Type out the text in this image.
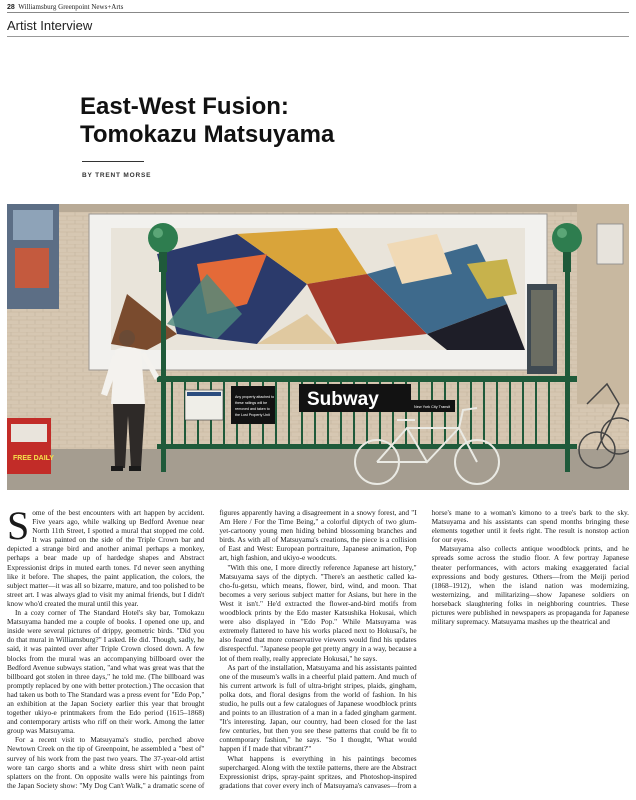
28 Williamsburg Greenpoint News+Arts
Artist Interview
East-West Fusion:
Tomokazu Matsuyama
BY TRENT MORSE
Any property attached to
these railings will be
removed and taken to
the Lost Property Unit
Subway	New York City Transit
FREE DAILY

Some of the best encounters with art happen by accident. Five years ago, while walking up Bedford Avenue near North 11th Street, I spotted a mural that stopped me cold. It was painted on the side of the Triple Crown bar and depicted a strange bird and another animal perhaps a monkey, perhaps a bear made up of hardedge shapes and Abstract Expressionist drips in muted earth tones. I'd never seen anything like it before. The shapes, the paint application, the colors, the subject matter—it was all so bizarre, mature, and too polished to be street art. I was always glad to visit my animal friends, but I didn't know who'd created the mural until this year.

In a cozy corner of The Standard Hotel's sky bar, Tomokazu Matsuyama handed me a couple of books. I opened one up, and inside were several pictures of drippy, geometric birds. "Did you do that mural in Williamsburg?" I asked. He did. Though, sadly, he said, it was painted over after Triple Crown closed down. A few blocks from the mural was an accompanying billboard over the Bedford Avenue subways station, "and what was great was that the billboard got stolen in three days," he told me. (The billboard was promptly replaced by one with better protection.) The occasion that had taken us both to The Standard was a press event for "Edo Pop," an exhibition at the Japan Society earlier this year that brought together ukiyo-e printmakers from the Edo period (1615–1868) and contemporary artists who riff on their work. Among the latter group was Matsuyama.

For a recent visit to Matsuyama's studio, perched above Newtown Creek on the tip of Greenpoint, he assembled a "best of" survey of his work from the past two years. The 37-year-old artist wore tan cargo shorts and a white dress shirt with neon paint splatters on the front. On opposite walls were his paintings from the Japan Society show: "My Dog Can't Walk," a dramatic scene of figures apparently having a disagreement in a snowy forest, and "I Am Here / For the Time Being," a colorful diptych of two glum-yet-cartoony young men hiding behind blossoming branches and birds. As with all of Matsuyama's creations, the piece is a collision of East and West: European portraiture, Japanese animation, Pop art, high fashion, and ukiyo-e woodcuts.

"With this one, I more directly reference Japanese art history," Matsuyama says of the diptych. "There's an aesthetic called ka-cho-fu-getsu, which means, flower, bird, wind, and moon. That becomes a very serious subject matter for Asians, but here in the West it isn't." He'd extracted the flower-and-bird motifs from woodblock prints by the Edo master Katsushika Hokusai, which were also displayed in "Edo Pop." While Matsuyama was extremely flattered to have his works placed next to Hokusai's, he also feared that more conservative viewers would find his updates disrespectful. "Japanese people get pretty angry in a way, because a lot of them really, really appreciate Hokusai," he says.

As part of the installation, Matsuyama and his assistants painted one of the museum's walls in a cheerful plaid pattern. And much of his current artwork is full of ultra-bright stripes, plaids, gingham, polka dots, and floral designs from the world of fashion. In his studio, he pulls out a few catalogues of Japanese woodblock prints and points to an illustration of a man in a faded gingham garment. "It's interesting. Japan, our country, had been closed for the last few centuries, but then you see these patterns that could be fit to contemporary fashion," he says. "So I thought, 'What would happen if I made that vibrant?'"

What happens is everything in his paintings becomes supercharged. Along with the textile patterns, there are the Abstract Expressionist drips, spray-paint spritzes, and Photoshop-inspired gradations that cover every inch of Matsuyama's canvases—from a horse's mane to a woman's kimono to a tree's bark to the sky. Matsuyama and his assistants can spend months bringing these elements together until it feels right. The result is nonstop action for our eyes.

Matsuyama also collects antique woodblock prints, and he spreads some across the studio floor. A few portray Japanese theater performances, with actors making exaggerated facial expressions and body gestures. Others—from the Meiji period (1868–1912), when the island nation was modernizing, westernizing, and militarizing—show Japanese soldiers on horseback slaughtering folks in neighboring countries. These pictures were published in newspapers as propaganda for Japanese military supremacy. Matsuyama mashes up the theatrical and
